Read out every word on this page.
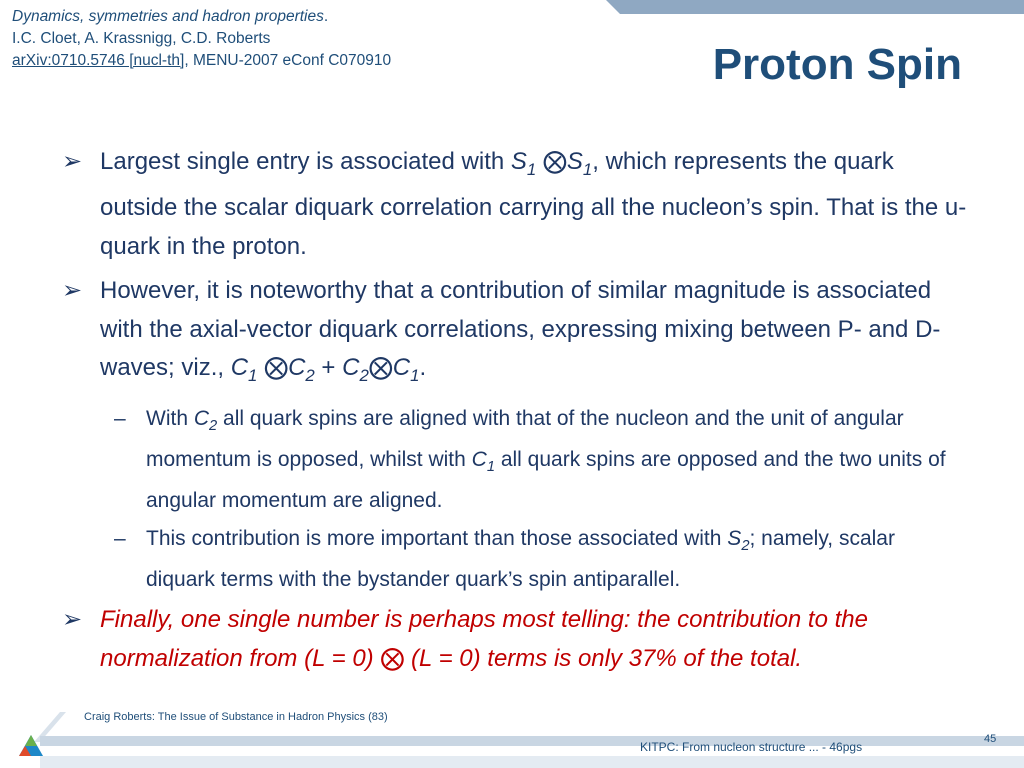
Dynamics, symmetries and hadron properties.
I.C. Cloet, A. Krassnigg, C.D. Roberts
arXiv:0710.5746 [nucl-th], MENU-2007 eConf C070910	Proton Spin
➢ Largest single entry is associated with $S_1$ $⨂S_1$, which represents the quark outside the scalar diquark correlation carrying all the nucleon’s spin. That is the u-quark in the proton.
➢ However, it is noteworthy that a contribution of similar magnitude is associated with the axial-vector diquark correlations, expressing mixing between P- and D-waves; viz., $C_1$ $⨂C_2$ + $C_2⨂C_1$.
– With $C_2$ all quark spins are aligned with that of the nucleon and the unit of angular momentum is opposed, whilst with $C_1$ all quark spins are opposed and the two units of angular momentum are aligned.
– This contribution is more important than those associated with $S_2$; namely, scalar diquark terms with the bystander quark’s spin antiparallel.
➢ Finally, one single number is perhaps most telling: the contribution to the normalization from (L = 0) ⨂ (L = 0) terms is only 37% of the total.
Craig Roberts: The Issue of Substance in Hadron Physics (83)
KITPC: From nucleon structure ... - 46pgs
45
